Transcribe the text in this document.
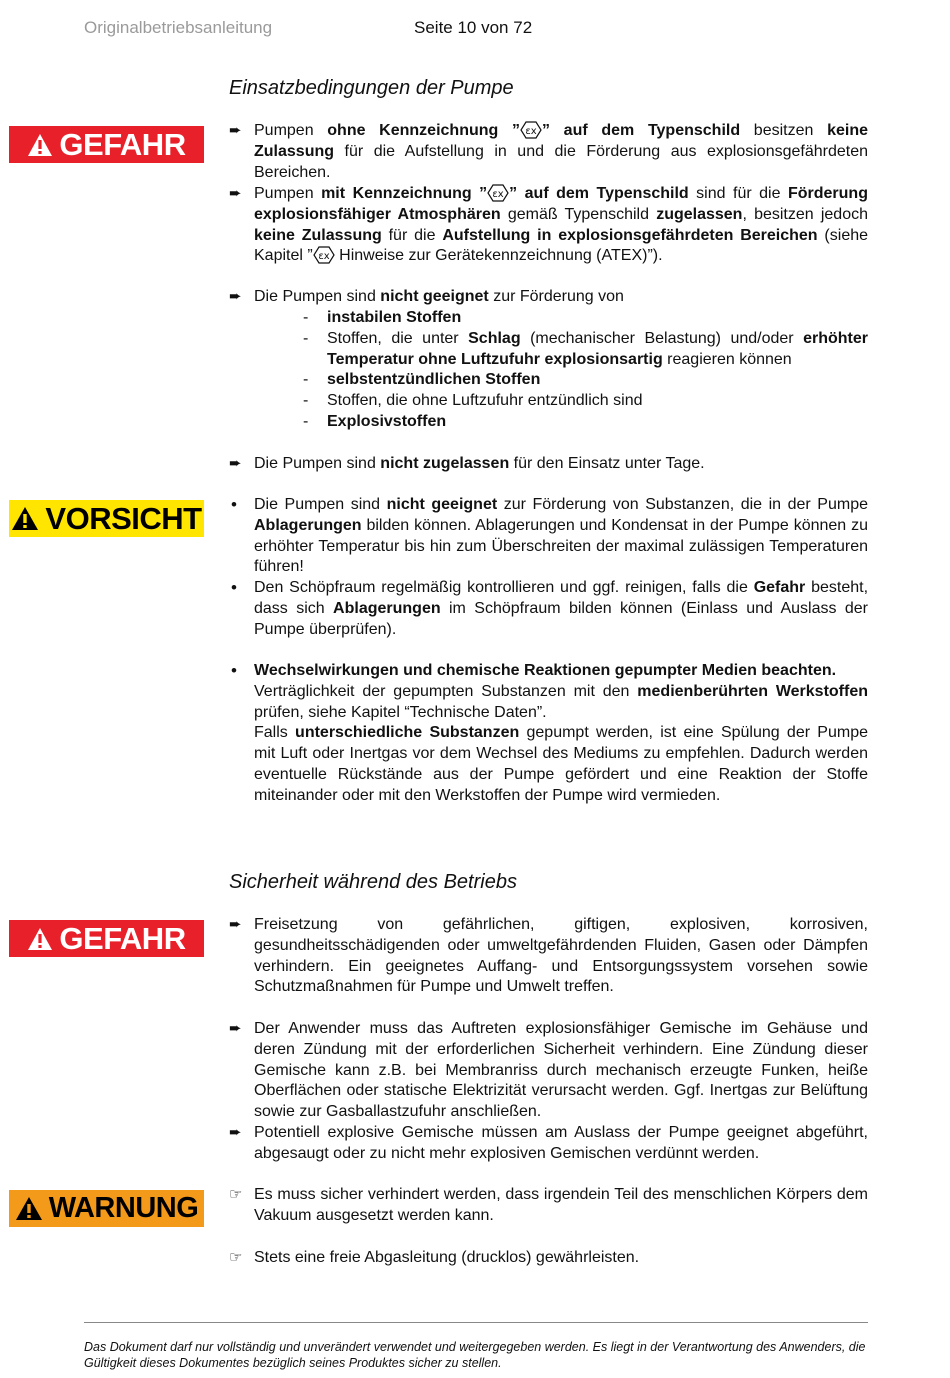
Originalbetriebsanleitung	Seite 10 von 72
Einsatzbedingungen der Pumpe
GEFAHR	➨ Pumpen ohne Kennzeichnung ” εx ” auf dem Typenschild besitzen keine Zulassung für die Aufstellung in und die Förderung aus explosionsgefährdeten Bereichen.

➨ Pumpen mit Kennzeichnung ” εx ” auf dem Typenschild sind für die Förderung explosionsfähiger Atmosphären gemäß Typenschild zugelassen, besitzen jedoch keine Zulassung für die Aufstellung in explosionsgefährdeten Bereichen (siehe Kapitel ” εx Hinweise zur Gerätekennzeichnung (ATEX)”).

➨ Die Pumpen sind nicht geeignet zur Förderung von

- instabilen Stoffen
- Stoffen, die unter Schlag (mechanischer Belastung) und/oder erhöhter Temperatur ohne Luftzufuhr explosionsartig reagieren können
- selbstentzündlichen Stoffen
- Stoffen, die ohne Luftzufuhr entzündlich sind
- Explosivstoffen
➨ Die Pumpen sind nicht zugelassen für den Einsatz unter Tage.

VORSICHT • Die Pumpen sind nicht geeignet zur Förderung von Substanzen, die in der Pumpe Ablagerungen bilden können. Ablagerungen und Kondensat in der Pumpe können zu erhöhter Temperatur bis hin zum Überschreiten der maximal zulässigen Temperaturen führen!

• Den Schöpfraum regelmäßig kontrollieren und ggf. reinigen, falls die Gefahr besteht, dass sich Ablagerungen im Schöpfraum bilden können (Einlass und Auslass der Pumpe überprüfen).

• Wechselwirkungen und chemische Reaktionen gepumpter Medien beachten.
Verträglichkeit der gepumpten Substanzen mit den medienberührten Werkstoffen prüfen, siehe Kapitel “Technische Daten”.
Falls unterschiedliche Substanzen gepumpt werden, ist eine Spülung der Pumpe mit Luft oder Inertgas vor dem Wechsel des Mediums zu empfehlen. Dadurch werden eventuelle Rückstände aus der Pumpe gefördert und eine Reaktion der Stoffe miteinander oder mit den Werkstoffen der Pumpe wird vermieden.

Sicherheit während des Betriebs
GEFAHR	➨ Freisetzung von gefährlichen, giftigen, explosiven, korrosiven, gesundheitsschädigenden oder umweltgefährdenden Fluiden, Gasen oder Dämpfen verhindern. Ein geeignetes Auffang- und Entsorgungssystem vorsehen sowie Schutzmaßnahmen für Pumpe und Umwelt treffen.

➨ Der Anwender muss das Auftreten explosionsfähiger Gemische im Gehäuse und deren Zündung mit der erforderlichen Sicherheit verhindern. Eine Zündung dieser Gemische kann z.B. bei Membranriss durch mechanisch erzeugte Funken, heiße Oberflächen oder statische Elektrizität verursacht werden. Ggf. Inertgas zur Belüftung sowie zur Gasballastzufuhr anschließen.

➨ Potentiell explosive Gemische müssen am Auslass der Pumpe geeignet abgeführt, abgesaugt oder zu nicht mehr explosiven Gemischen verdünnt werden.

WARNUNG ☞ Es muss sicher verhindert werden, dass irgendein Teil des menschlichen Körpers dem Vakuum ausgesetzt werden kann.

☞ Stets eine freie Abgasleitung (drucklos) gewährleisten.

Das Dokument darf nur vollständig und unverändert verwendet und weitergegeben werden. Es liegt in der Verantwortung des Anwenders, die Gültigkeit dieses Dokumentes bezüglich seines Produktes sicher zu stellen.
